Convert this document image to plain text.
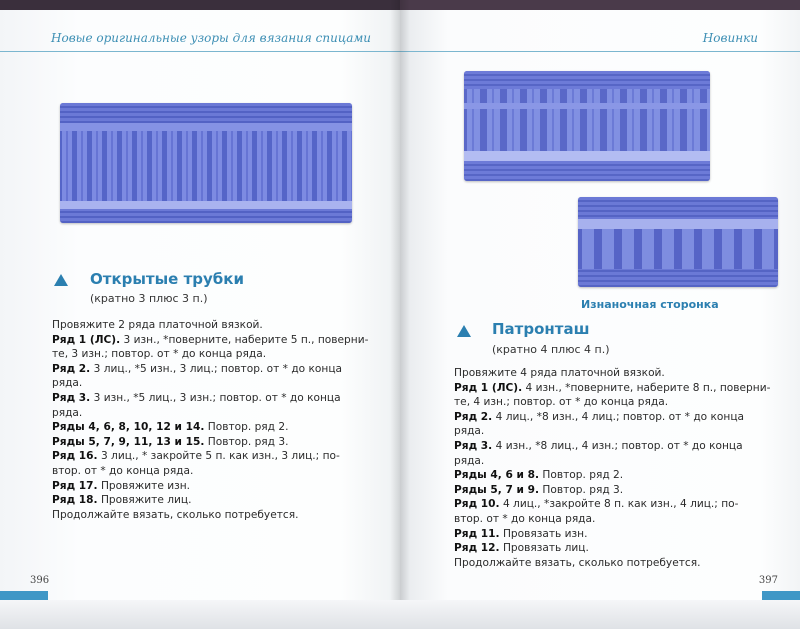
Новые оригинальные узоры для вязания спицами
Открытые трубки
(кратно 3 плюс 3 п.)

Провяжите 2 ряда платочной вязкой.

Ряд 1 (ЛС). 3 изн., *поверните, наберите 5 п., поверни-

те, 3 изн.; повтор. от * до конца ряда.

Ряд 2. 3 лиц., *5 изн., 3 лиц.; повтор. от * до конца

ряда.

Ряд 3. 3 изн., *5 лиц., 3 изн.; повтор. от * до конца

ряда.

Ряды 4, 6, 8, 10, 12 и 14. Повтор. ряд 2.

Ряды 5, 7, 9, 11, 13 и 15. Повтор. ряд 3.

Ряд 16. 3 лиц., * закройте 5 п. как изн., 3 лиц.; по-

втор. от * до конца ряда.

Ряд 17. Провяжите изн.

Ряд 18. Провяжите лиц.

Продолжайте вязать, сколько потребуется.

396
Новинки
Изнаночная сторонка
Патронташ
(кратно 4 плюс 4 п.)

Провяжите 4 ряда платочной вязкой.

Ряд 1 (ЛС). 4 изн., *поверните, наберите 8 п., поверни-

те, 4 изн.; повтор. от * до конца ряда.

Ряд 2. 4 лиц., *8 изн., 4 лиц.; повтор. от * до конца

ряда.

Ряд 3. 4 изн., *8 лиц., 4 изн.; повтор. от * до конца

ряда.

Ряды 4, 6 и 8. Повтор. ряд 2.

Ряды 5, 7 и 9. Повтор. ряд 3.

Ряд 10. 4 лиц., *закройте 8 п. как изн., 4 лиц.; по-

втор. от * до конца ряда.

Ряд 11. Провязать изн.

Ряд 12. Провязать лиц.

Продолжайте вязать, сколько потребуется.

397
